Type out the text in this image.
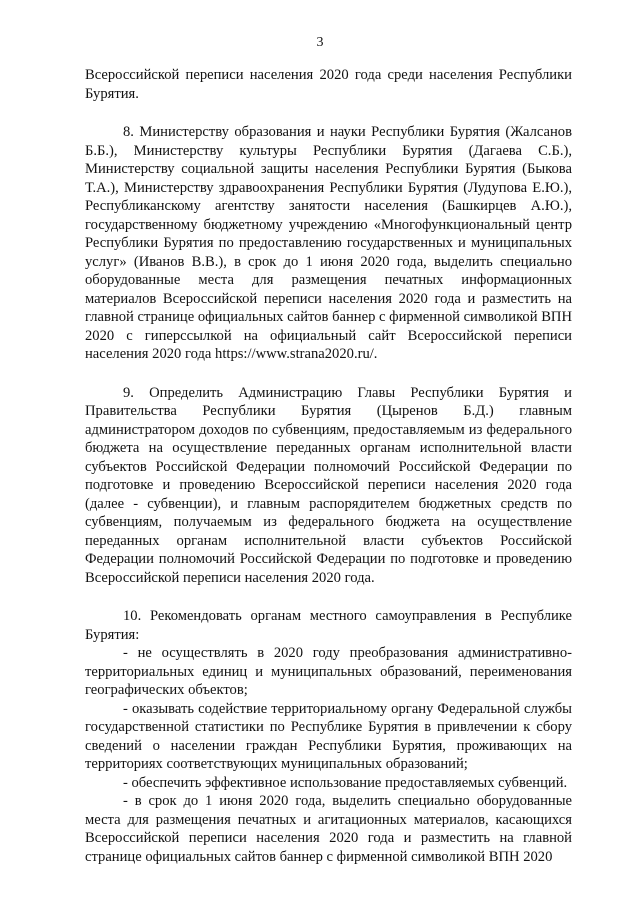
3

Всероссийской переписи населения 2020 года среди населения Республики Бурятия.

8. Министерству образования и науки Республики Бурятия (Жалсанов Б.Б.), Министерству культуры Республики Бурятия (Дагаева С.Б.), Министерству социальной защиты населения Республики Бурятия (Быкова Т.А.), Министерству здравоохранения Республики Бурятия (Лудупова Е.Ю.), Республиканскому агентству занятости населения (Башкирцев А.Ю.), государственному бюджетному учреждению «Многофункциональный центр Республики Бурятия по предоставлению государственных и муниципальных услуг» (Иванов В.В.), в срок до 1 июня 2020 года, выделить специально оборудованные места для размещения печатных информационных материалов Всероссийской переписи населения 2020 года и разместить на главной странице официальных сайтов баннер с фирменной символикой ВПН 2020 с гиперссылкой на официальный сайт Всероссийской переписи населения 2020 года https://www.strana2020.ru/.

9. Определить Администрацию Главы Республики Бурятия и Правительства Республики Бурятия (Цыренов Б.Д.) главным администратором доходов по субвенциям, предоставляемым из федерального бюджета на осуществление переданных органам исполнительной власти субъектов Российской Федерации полномочий Российской Федерации по подготовке и проведению Всероссийской переписи населения 2020 года (далее - субвенции), и главным распорядителем бюджетных средств по субвенциям, получаемым из федерального бюджета на осуществление переданных органам исполнительной власти субъектов Российской Федерации полномочий Российской Федерации по подготовке и проведению Всероссийской переписи населения 2020 года.

10. Рекомендовать органам местного самоуправления в Республике Бурятия:

- не осуществлять в 2020 году преобразования административно-территориальных единиц и муниципальных образований, переименования географических объектов;

- оказывать содействие территориальному органу Федеральной службы государственной статистики по Республике Бурятия в привлечении к сбору сведений о населении граждан Республики Бурятия, проживающих на территориях соответствующих муниципальных образований;

- обеспечить эффективное использование предоставляемых субвенций.

- в срок до 1 июня 2020 года, выделить специально оборудованные места для размещения печатных и агитационных материалов, касающихся Всероссийской переписи населения 2020 года и разместить на главной странице официальных сайтов баннер с фирменной символикой ВПН 2020
